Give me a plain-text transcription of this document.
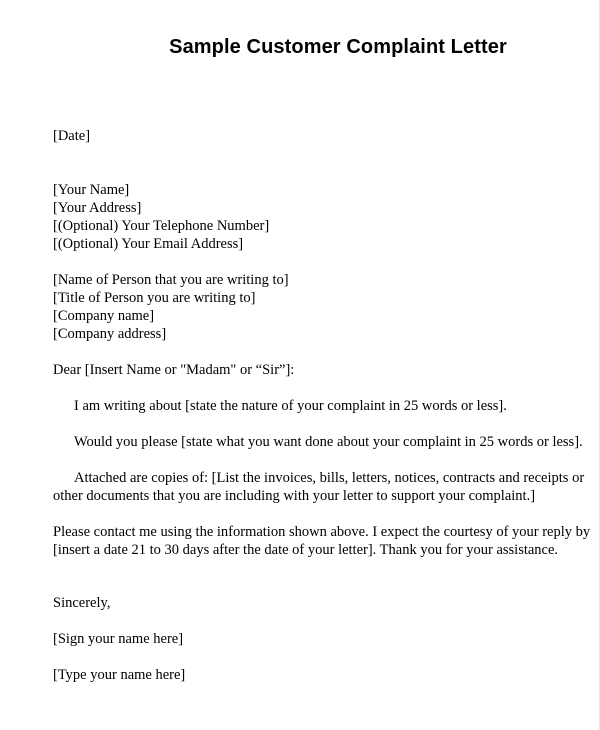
Sample Customer Complaint Letter

[Date]

[Your Name]

[Your Address]

[(Optional) Your Telephone Number]

[(Optional) Your Email Address]

[Name of Person that you are writing to]

[Title of Person you are writing to]

[Company name]

[Company address]

Dear [Insert Name or "Madam" or “Sir”]:

I am writing about [state the nature of your complaint in 25 words or less].

Would you please [state what you want done about your complaint in 25 words or less].

Attached are copies of: [List the invoices, bills, letters, notices, contracts and receipts or

other documents that you are including with your letter to support your complaint.]

Please contact me using the information shown above. I expect the courtesy of your reply by

[insert a date 21 to 30 days after the date of your letter]. Thank you for your assistance.

Sincerely,

[Sign your name here]

[Type your name here]
